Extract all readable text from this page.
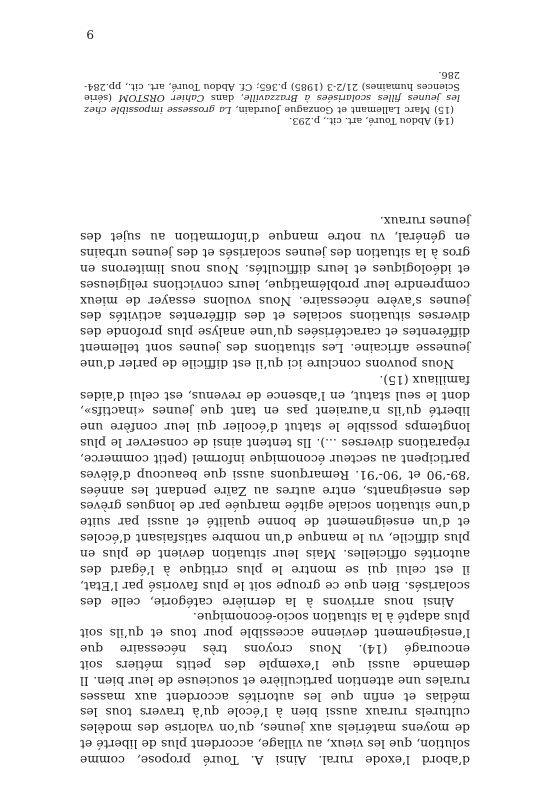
d’abord l’exode rural. Ainsi A. Touré propose, comme solution, que les vieux, au village, accordent plus de liberté et de moyens matériels aux jeunes, qu’on valorise des modèles culturels ruraux aussi bien à l’école qu’à travers tous les médias et enfin que les autorités accordent aux masses rurales une attention particulière et soucieuse de leur bien. Il demande aussi que l’exemple des petits métiers soit encouragé (14). Nous croyons très nécessaire que l’enseignement devienne accessible pour tous et qu’ils soit plus adapté à la situation socio-économique.

Ainsi nous arrivons à la dernière catégorie, celle des scolarisés. Bien que ce groupe soit le plus favorisé par l’Etat, il est celui qui se montre le plus critique à l’égard des autorités officielles. Mais leur situation devient de plus en plus difficile, vu le manque d’un nombre satisfaisant d’écoles et d’un enseignement de bonne qualité et aussi par suite d’une situation sociale agitée marquée par de longues grèves des enseignants, entre autres au Zaïre pendant les années ’89-’90 et ’90-’91. Remarquons aussi que beaucoup d’élèves participent au secteur économique informel (petit commerce, réparations diverses ...). Ils tentent ainsi de conserver le plus longtemps possible le statut d’écolier qui leur confère une liberté qu’ils n’auraient pas en tant que jeunes «inactifs», dont le seul statut, en l’absence de revenus, est celui d’aides familiaux (15).

Nous pouvons conclure ici qu’il est difficile de parler d’une jeunesse africaine. Les situations des jeunes sont tellement différentes et caractérisées qu’une analyse plus profonde des diverses situations sociales et des différentes activités des jeunes s’avère nécessaire. Nous voulons essayer de mieux comprendre leur problématique, leurs convictions religieuses et idéologiques et leurs difficultés. Nous nous limiterons en gros à la situation des jeunes scolarisés et des jeunes urbains en général, vu notre manque d’information au sujet des jeunes ruraux.

(14) Abdou Touré, art. cit., p.293.

(15) Marc Lallemant et Gonzague Jourdain, La grossesse impossible chez les jeunes filles scolarisées à Brazzaville, dans Cahier ORSTOM (série Sciences humaines) 21/2-3 (1985) p.365; Cf. Abdou Touré, art. cit., pp.284-286.

9
